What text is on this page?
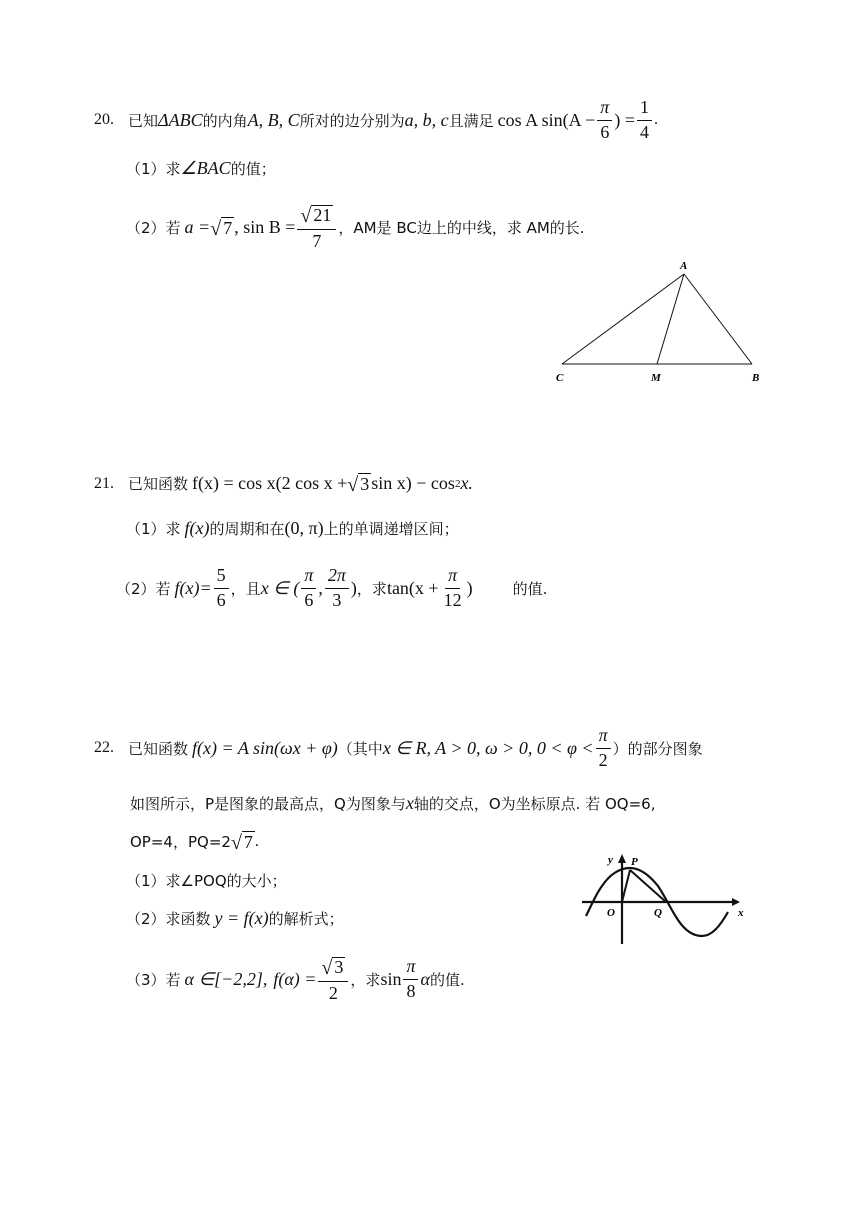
20. 已知 ΔABC 的内角 A, B, C 所对的边分别为 a, b, c 且满足 cos A $\sin(A - \frac{\pi}{6}$ ) = $\frac{1}{4}$ .
（1）求 ∠BAC 的值；
（2）若 a = √ 7 , $\sin B = \frac{√ 21}{7}$ ，AM是 BC边上的中线，求 AM的长.
A
C	M	B
21. 已知函数 f(x) = cos x(2 cos x + √ 3 sin x) − cos 2 x.
（1）求 f(x) 的周期和在 (0, π) 上的单调递增区间；
（2）若 $f(x)= \frac{5}{6}$ ，且 x ∈ ( $\frac{\pi}{6}$ , $\frac{2\pi}{3}$ ) ，求 $\tan(x + \frac{\pi}{12}$ )	的值.
22. 已知函数 f(x) = A sin(ωx + φ) （其中 x ∈ R, A > 0, ω > 0, $0 < \varphi < \frac{\pi}{2}$ ）的部分图象
如图所示，P是图象的最高点，Q为图象与 x 轴的交点，O为坐标原点. 若 OQ=6,
OP=4，PQ=2 √ 7 .
（1）求∠POQ的大小；
（2）求函数 y = f(x) 的解析式；
（3）若 α ∈[−2,2], $f(\alpha) = \frac{√ 3}{2}$ ，求 $\sin \frac{\pi}{8}$ α 的值.
y P
O	Q	x
